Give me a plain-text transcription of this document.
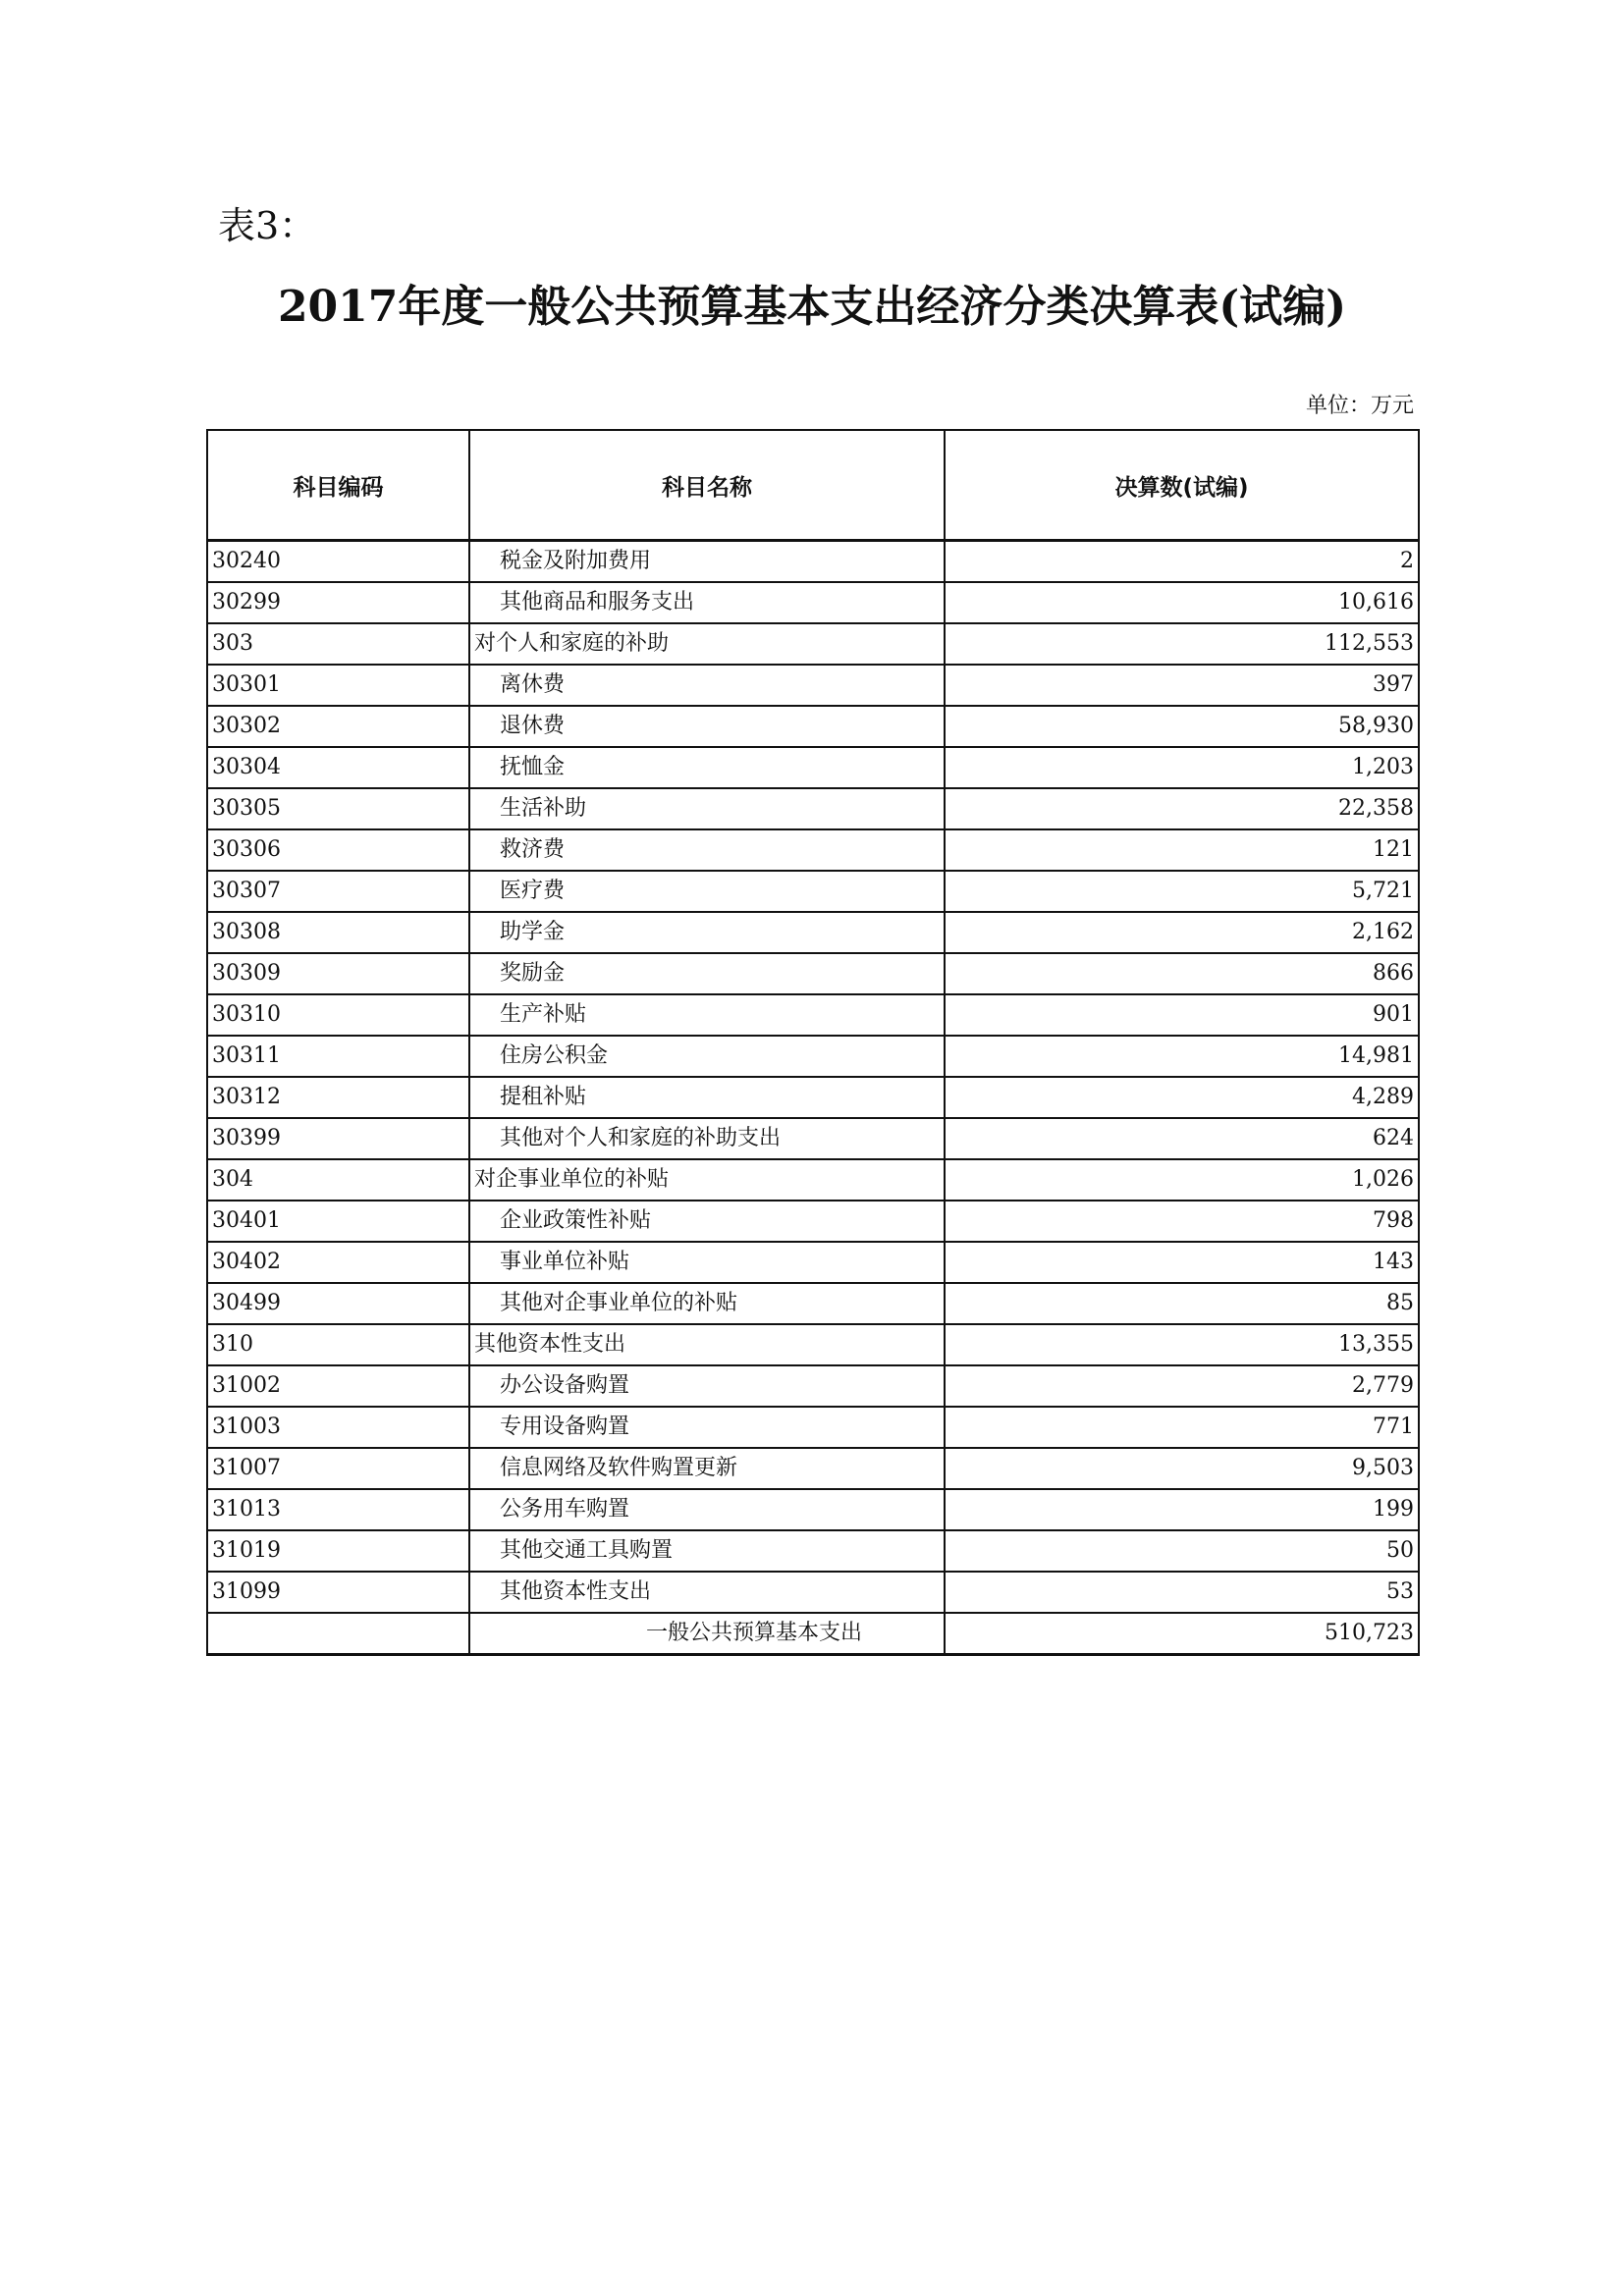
表3：
2017年度一般公共预算基本支出经济分类决算表(试编)
单位：万元
科目编码	科目名称	决算数(试编)
30240	税金及附加费用	2
30299	其他商品和服务支出	10,616
303	对个人和家庭的补助	112,553
30301	离休费	397
30302	退休费	58,930
30304	抚恤金	1,203
30305	生活补助	22,358
30306	救济费	121
30307	医疗费	5,721
30308	助学金	2,162
30309	奖励金	866
30310	生产补贴	901
30311	住房公积金	14,981
30312	提租补贴	4,289
30399	其他对个人和家庭的补助支出	624
304	对企事业单位的补贴	1,026
30401	企业政策性补贴	798
30402	事业单位补贴	143
30499	其他对企事业单位的补贴	85
310	其他资本性支出	13,355
31002	办公设备购置	2,779
31003	专用设备购置	771
31007	信息网络及软件购置更新	9,503
31013	公务用车购置	199
31019	其他交通工具购置	50
31099	其他资本性支出	53
	一般公共预算基本支出	510,723
